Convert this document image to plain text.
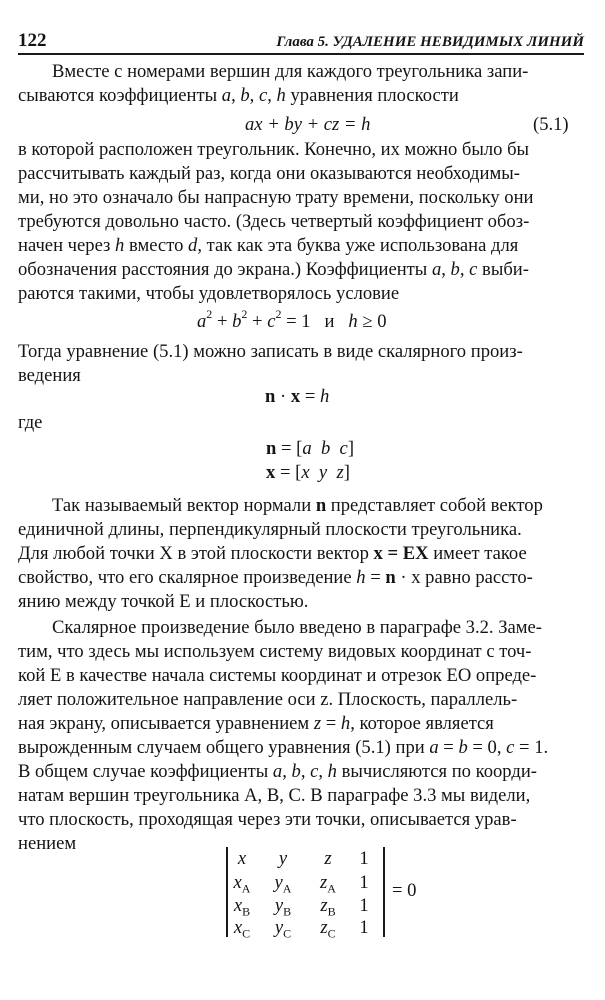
122	Глава 5. УДАЛЕНИЕ НЕВИДИМЫХ ЛИНИЙ
Вместе с номерами вершин для каждого треугольника запи-
сываются коэффициенты a, b, c, h уравнения плоскости
ax + by + cz = h	(5.1)
в которой расположен треугольник. Конечно, их можно было бы
рассчитывать каждый раз, когда они оказываются необходимы-
ми, но это означало бы напрасную трату времени, поскольку они
требуются довольно часто. (Здесь четвертый коэффициент обоз-
начен через h вместо d, так как эта буква уже использована для
обозначения расстояния до экрана.) Коэффициенты a, b, c выби-
раются такими, чтобы удовлетворялось условие
$a^2 + b^2 + c^2 = 1$ и h ≥ 0
Тогда уравнение (5.1) можно записать в виде скалярного произ-
ведения
n · x = h
где
n = [a b c]
x = [x y z]
Так называемый вектор нормали n представляет собой вектор
единичной длины, перпендикулярный плоскости треугольника.
Для любой точки X в этой плоскости вектор x = EX имеет такое
свойство, что его скалярное произведение h = n · x равно рассто-
янию между точкой E и плоскостью.
Скалярное произведение было введено в параграфе 3.2. Заме-
тим, что здесь мы используем систему видовых координат с точ-
кой E в качестве начала системы координат и отрезок EO опреде-
ляет положительное направление оси z. Плоскость, параллель-
ная экрану, описывается уравнением z = h, которое является
вырожденным случаем общего уравнения (5.1) при a = b = 0, c = 1.
В общем случае коэффициенты a, b, c, h вычисляются по коорди-
натам вершин треугольника A, B, C. В параграфе 3.3 мы видели,
что плоскость, проходящая через эти точки, описывается урав-
нением
x	y	z	1
$x_A$	$y_A$	$z_A$	1
$x_B$	$y_B$	$z_B$	1
$x_C$	$y_C$	$z_C$	1
= 0
